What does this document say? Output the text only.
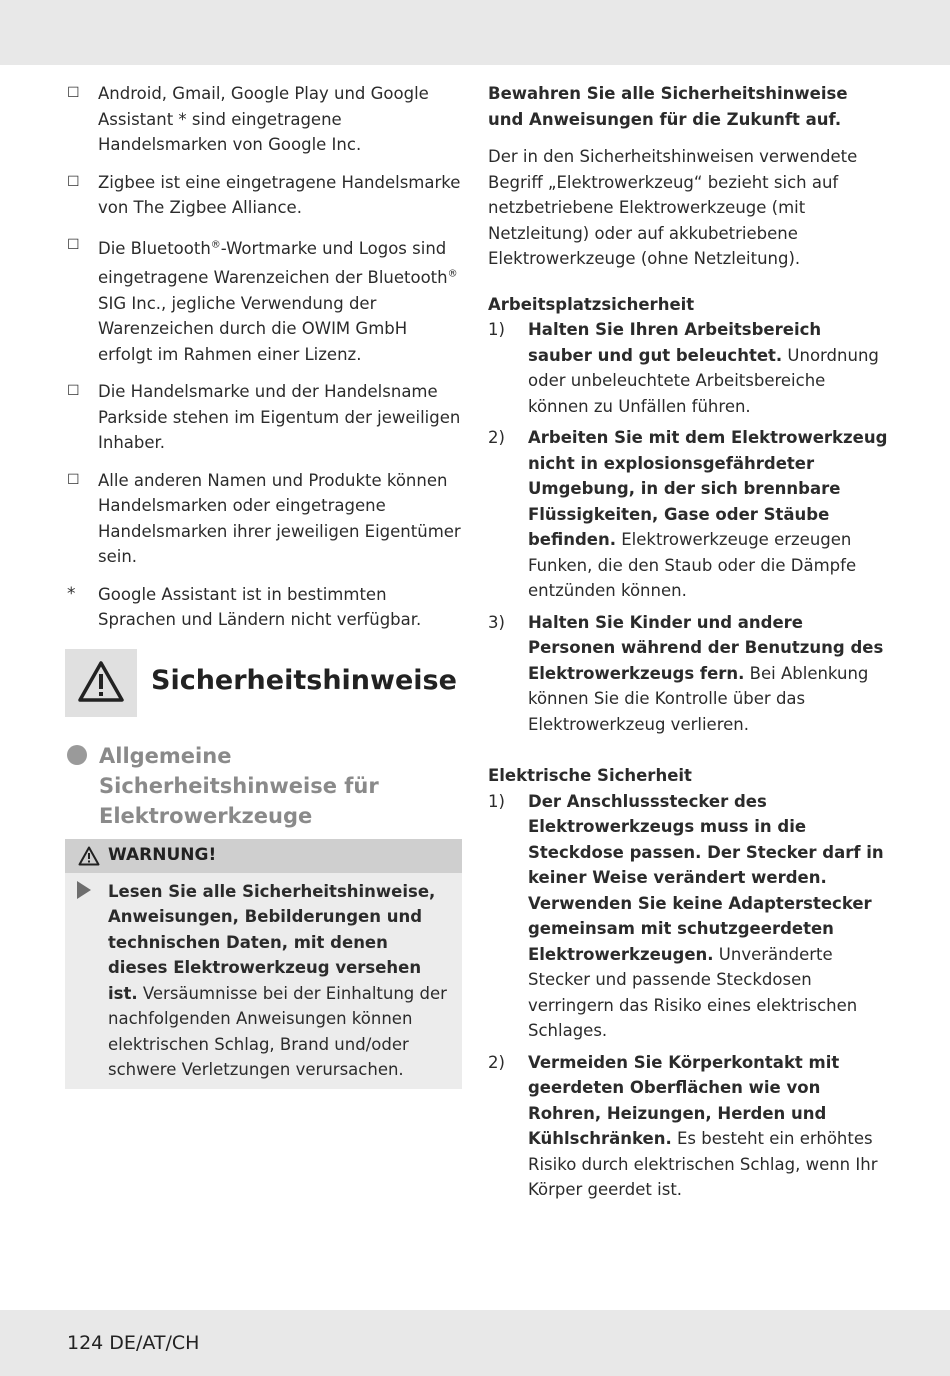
☐ Android, Gmail, Google Play und Google Assistant * sind eingetragene Handelsmarken von Google Inc.
☐ Zigbee ist eine eingetragene Handelsmarke von The Zigbee Alliance.
☐ Die Bluetooth®-Wortmarke und Logos sind eingetragene Warenzeichen der Bluetooth® SIG Inc., jegliche Verwendung der Warenzeichen durch die OWIM GmbH erfolgt im Rahmen einer Lizenz.
☐ Die Handelsmarke und der Handelsname Parkside stehen im Eigentum der jeweiligen Inhaber.
☐ Alle anderen Namen und Produkte können Handelsmarken oder eingetragene Handelsmarken ihrer jeweiligen Eigentümer sein.
* Google Assistant ist in bestimmten Sprachen und Ländern nicht verfügbar.
Sicherheitshinweise
Allgemeine Sicherheitshinweise für Elektrowerkzeuge
WARNUNG!
Lesen Sie alle Sicherheitshinweise, Anweisungen, Bebilderungen und technischen Daten, mit denen dieses Elektrowerkzeug versehen ist. Versäumnisse bei der Einhaltung der nachfolgenden Anweisungen können elektrischen Schlag, Brand und/oder schwere Verletzungen verursachen.
Bewahren Sie alle Sicherheitshinweise und Anweisungen für die Zukunft auf.
Der in den Sicherheitshinweisen verwendete Begriff „Elektrowerkzeug“ bezieht sich auf netzbetriebene Elektrowerkzeuge (mit Netzleitung) oder auf akkubetriebene Elektrowerkzeuge (ohne Netzleitung).
Arbeitsplatzsicherheit
1) Halten Sie Ihren Arbeitsbereich sauber und gut beleuchtet. Unordnung oder unbeleuchtete Arbeitsbereiche können zu Unfällen führen.
2) Arbeiten Sie mit dem Elektrowerkzeug nicht in explosionsgefährdeter Umgebung, in der sich brennbare Flüssigkeiten, Gase oder Stäube befinden. Elektrowerkzeuge erzeugen Funken, die den Staub oder die Dämpfe entzünden können.
3) Halten Sie Kinder und andere Personen während der Benutzung des Elektrowerkzeugs fern. Bei Ablenkung können Sie die Kontrolle über das Elektrowerkzeug verlieren.
Elektrische Sicherheit
1) Der Anschlussstecker des Elektrowerkzeugs muss in die Steckdose passen. Der Stecker darf in keiner Weise verändert werden. Verwenden Sie keine Adapterstecker gemeinsam mit schutzgeerdeten Elektrowerkzeugen. Unveränderte Stecker und passende Steckdosen verringern das Risiko eines elektrischen Schlages.
2) Vermeiden Sie Körperkontakt mit geerdeten Oberflächen wie von Rohren, Heizungen, Herden und Kühlschränken. Es besteht ein erhöhtes Risiko durch elektrischen Schlag, wenn Ihr Körper geerdet ist.
124 DE/AT/CH
